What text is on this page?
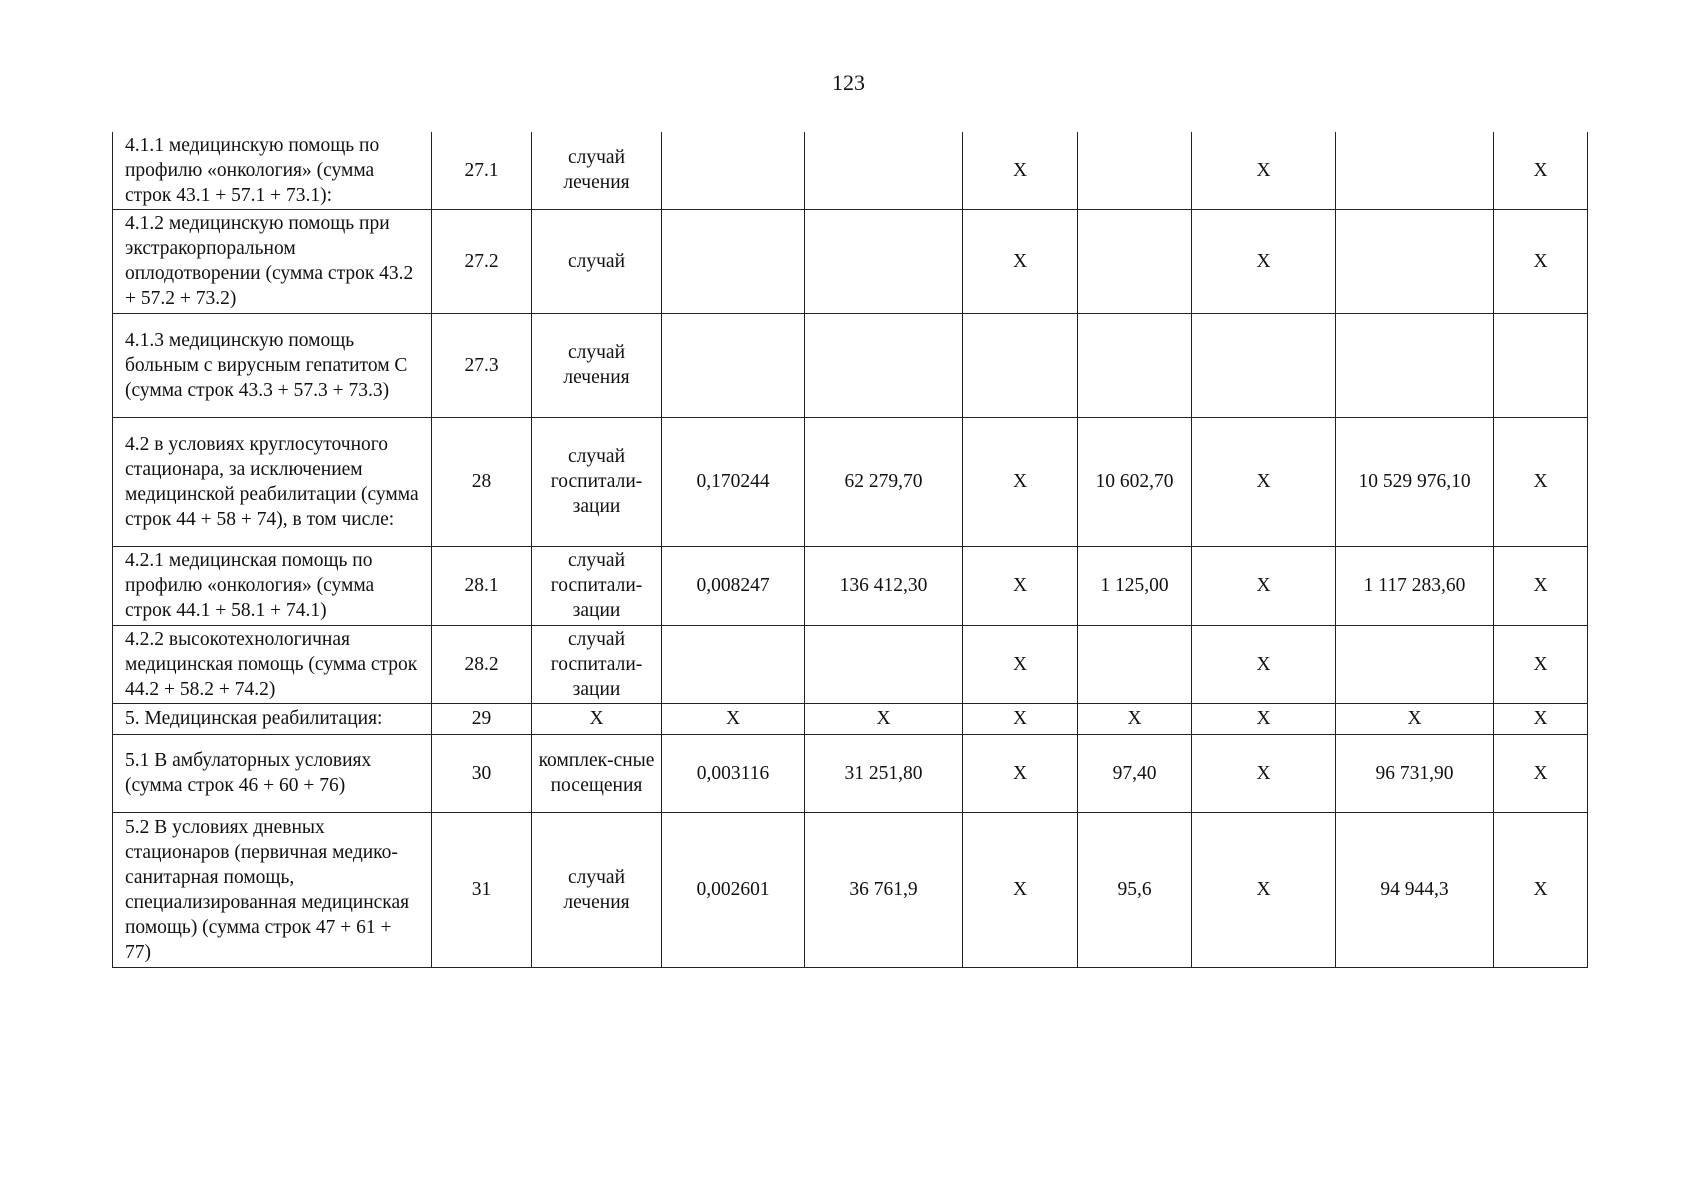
123
4.1.1 медицинскую помощь по профилю «онкология» (сумма строк 43.1 + 57.1 + 73.1):	27.1	случай лечения			X		X		X
4.1.2 медицинскую помощь при экстракорпоральном оплодотворении (сумма строк 43.2 + 57.2 + 73.2)	27.2	случай			X		X		X
4.1.3 медицинскую помощь больным с вирусным гепатитом С (сумма строк 43.3 + 57.3 + 73.3)	27.3	случай лечения							
4.2 в условиях круглосуточного стационара, за исключением медицинской реабилитации (сумма строк 44 + 58 + 74), в том числе:	28	случай госпитали-зации	0,170244	62 279,70	X	10 602,70	X	10 529 976,10	X
4.2.1 медицинская помощь по профилю «онкология» (сумма строк 44.1 + 58.1 + 74.1)	28.1	случай госпитали-зации	0,008247	136 412,30	X	1 125,00	X	1 117 283,60	X
4.2.2 высокотехнологичная медицинская помощь (сумма строк 44.2 + 58.2 + 74.2)	28.2	случай госпитали-зации			X		X		X
5. Медицинская реабилитация:	29	X	X	X	X	X	X	X	X
5.1 В амбулаторных условиях (сумма строк 46 + 60 + 76)	30	комплек-сные посещения	0,003116	31 251,80	X	97,40	X	96 731,90	X
5.2 В условиях дневных стационаров (первичная медико-санитарная помощь, специализированная медицинская помощь) (сумма строк 47 + 61 + 77)	31	случай лечения	0,002601	36 761,9	X	95,6	X	94 944,3	X
